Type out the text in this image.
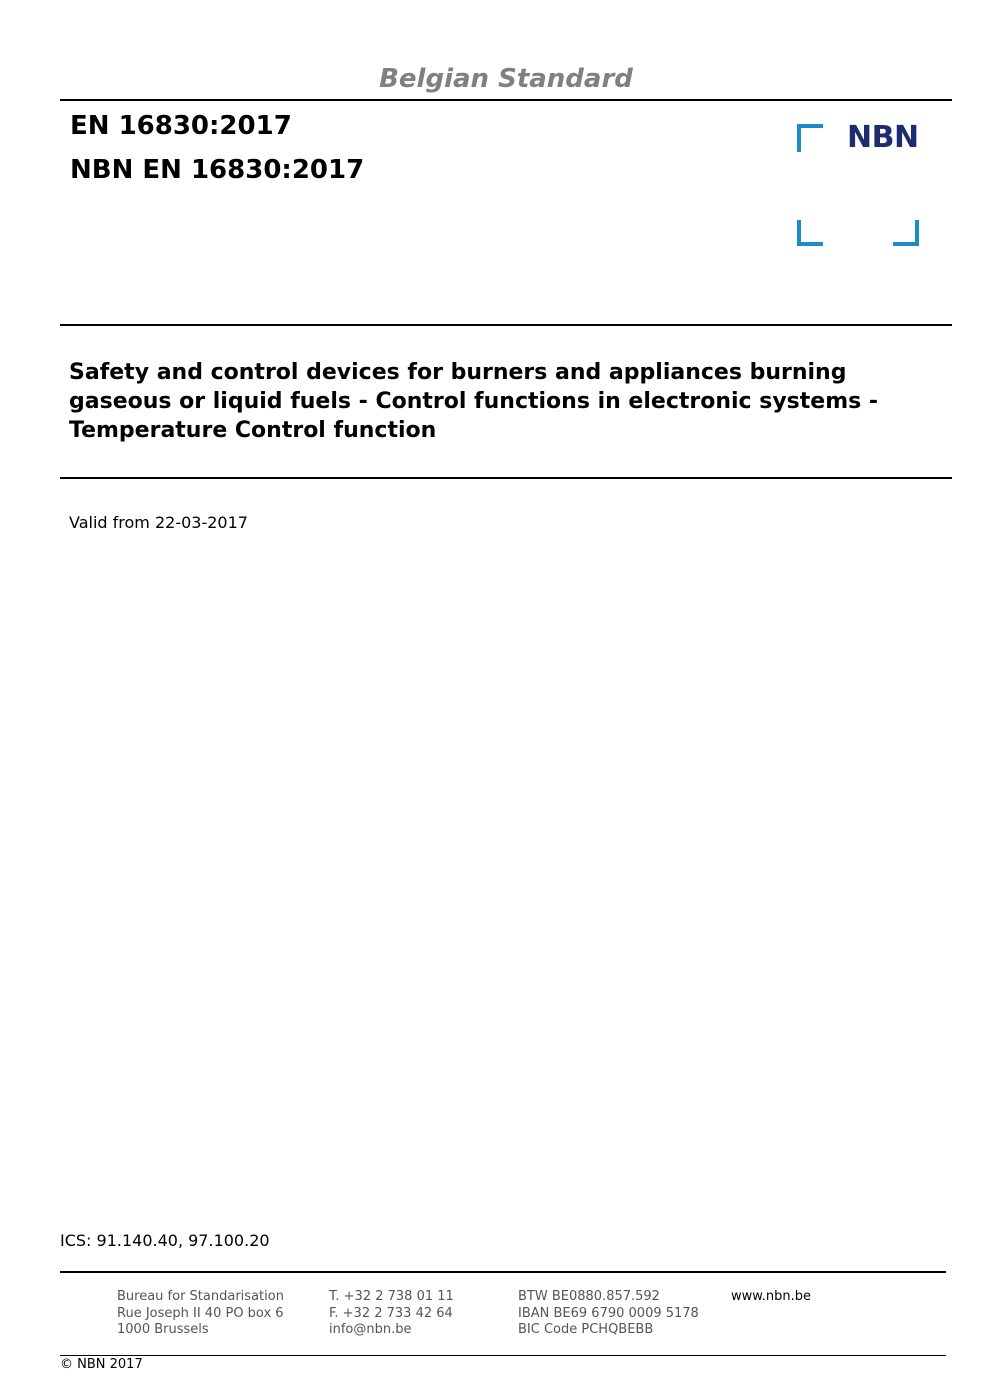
Belgian Standard
EN 16830:2017
NBN EN 16830:2017
NBN
Safety and control devices for burners and appliances burning gaseous or liquid fuels - Control functions in electronic systems - Temperature Control function
Valid from 22-03-2017
ICS: 91.140.40, 97.100.20
Bureau for Standarisation
Rue Joseph II 40 PO box 6
1000 Brussels
T. +32 2 738 01 11
F. +32 2 733 42 64
info@nbn.be
BTW BE0880.857.592
IBAN BE69 6790 0009 5178
BIC Code PCHQBEBB
www.nbn.be
© NBN 2017
